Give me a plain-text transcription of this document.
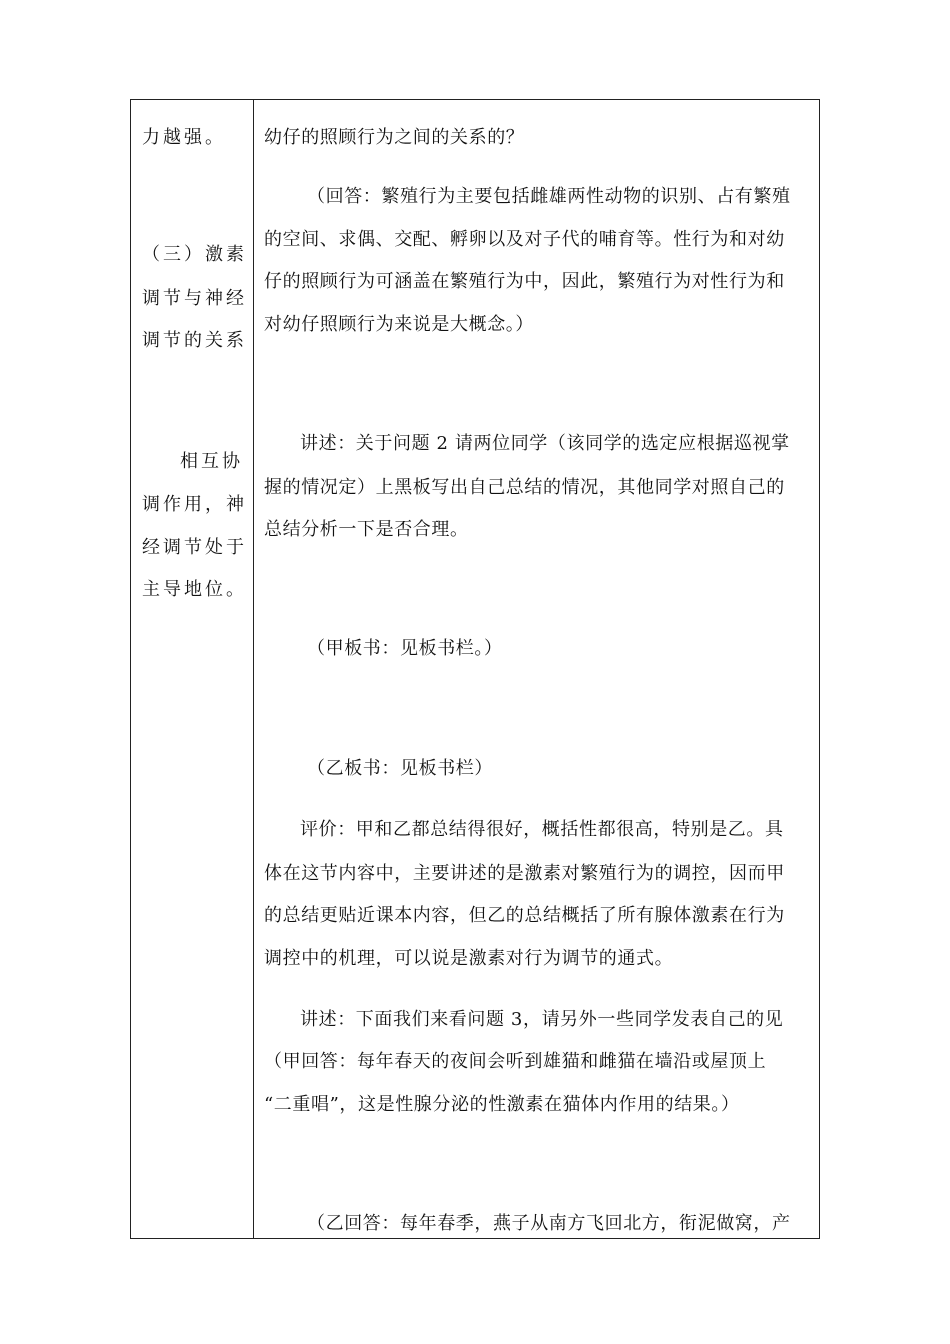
力越强。
（三）激素
调节与神经
调节的关系
相互协
调作用，神
经调节处于
主导地位。
幼仔的照顾行为之间的关系的？
（回答：繁殖行为主要包括雌雄两性动物的识别、占有繁殖
的空间、求偶、交配、孵卵以及对子代的哺育等。性行为和对幼
仔的照顾行为可涵盖在繁殖行为中，因此，繁殖行为对性行为和
对幼仔照顾行为来说是大概念。）
讲述：关于问题 2 请两位同学（该同学的选定应根据巡视掌
握的情况定）上黑板写出自己总结的情况，其他同学对照自己的
总结分析一下是否合理。
（甲板书：见板书栏。）
（乙板书：见板书栏）
评价：甲和乙都总结得很好，概括性都很高，特别是乙。具
体在这节内容中，主要讲述的是激素对繁殖行为的调控，因而甲
的总结更贴近课本内容，但乙的总结概括了所有腺体激素在行为
调控中的机理，可以说是激素对行为调节的通式。
讲述：下面我们来看问题 3，请另外一些同学发表自己的见
（甲回答：每年春天的夜间会听到雄猫和雌猫在墙沿或屋顶上
“二重唱”，这是性腺分泌的性激素在猫体内作用的结果。）
（乙回答：每年春季，燕子从南方飞回北方，衔泥做窝，产
